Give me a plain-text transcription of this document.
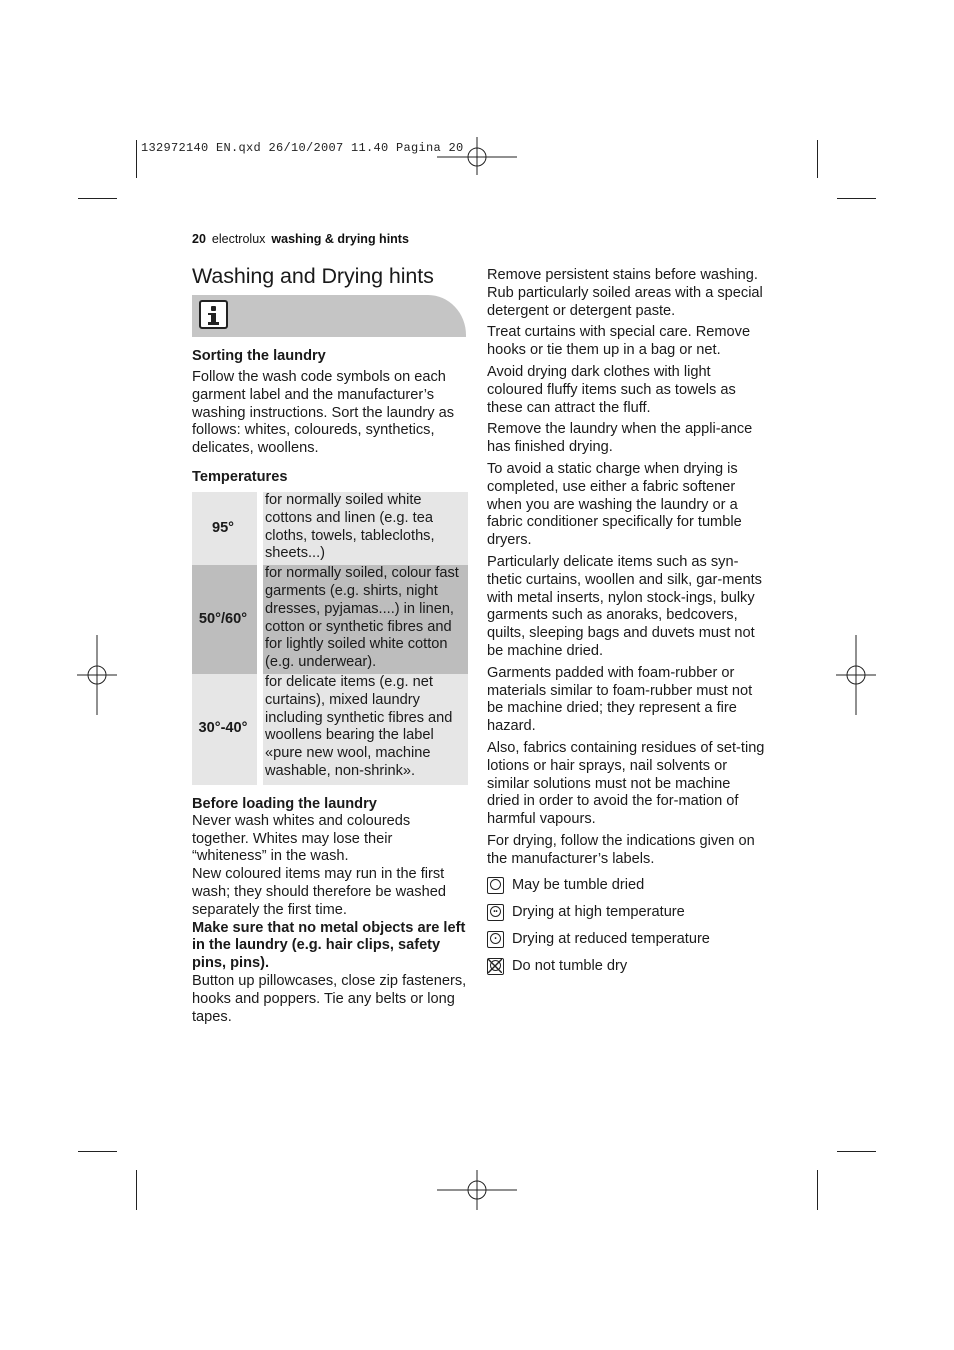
132972140 EN.qxd 26/10/2007 11.40 Pagina 20
20 electrolux washing & drying hints
Washing and Drying hints
Sorting the laundry

Follow the wash code symbols on each garment label and the manufacturer’s washing instructions. Sort the laundry as follows: whites, coloureds, synthetics, delicates, woollens.

Temperatures
95°	for normally soiled white cottons and linen (e.g. tea cloths, towels, tablecloths, sheets...)
50°/60°	for normally soiled, colour fast garments (e.g. shirts, night dresses, pyjamas....) in linen, cotton or synthetic fibres and for lightly soiled white cotton (e.g. underwear).
30°-40°	for delicate items (e.g. net curtains), mixed laundry including synthetic fibres and woollens bearing the label «pure new wool, machine washable, non-shrink».
Before loading the laundry

Never wash whites and coloureds together. Whites may lose their “whiteness” in the wash.

New coloured items may run in the first wash; they should therefore be washed separately the first time.

Make sure that no metal objects are left in the laundry (e.g. hair clips, safety pins, pins).

Button up pillowcases, close zip fasteners, hooks and poppers. Tie any belts or long tapes.

Remove persistent stains before washing.

Rub particularly soiled areas with a special detergent or detergent paste.

Treat curtains with special care. Remove hooks or tie them up in a bag or net.

Avoid drying dark clothes with light coloured fluffy items such as towels as these can attract the fluff.

Remove the laundry when the appli-ance has finished drying.

To avoid a static charge when drying is completed, use either a fabric softener when you are washing the laundry or a fabric conditioner specifically for tumble dryers.

Particularly delicate items such as syn-thetic curtains, woollen and silk, gar-ments with metal inserts, nylon stock-ings, bulky garments such as anoraks, bedcovers, quilts, sleeping bags and duvets must not be machine dried.

Garments padded with foam-rubber or materials similar to foam-rubber must not be machine dried; they represent a fire hazard.

Also, fabrics containing residues of set-ting lotions or hair sprays, nail solvents or similar solutions must not be machine dried in order to avoid the for-mation of harmful vapours.

For drying, follow the indications given on the manufacturer’s labels.

May be tumble dried
•• Drying at high temperature
•	Drying at reduced temperature
Do not tumble dry
